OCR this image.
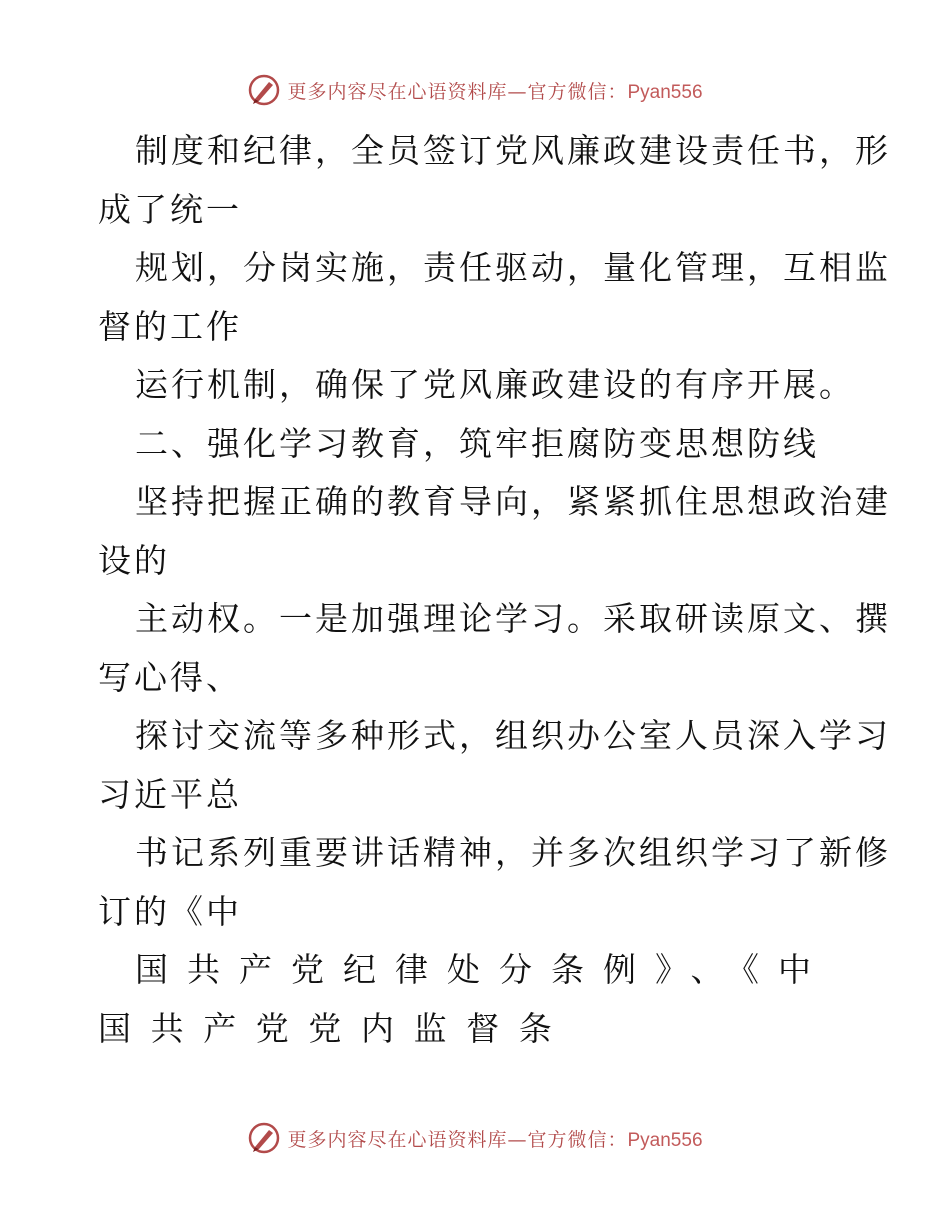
更多内容尽在心语资料库—官方微信：Pyan556
制度和纪律，全员签订党风廉政建设责任书，形
成了统一
规划，分岗实施，责任驱动，量化管理，互相监
督的工作
运行机制，确保了党风廉政建设的有序开展。
二、强化学习教育，筑牢拒腐防变思想防线
坚持把握正确的教育导向，紧紧抓住思想政治建
设的
主动权。一是加强理论学习。采取研读原文、撰
写心得、
探讨交流等多种形式，组织办公室人员深入学习
习近平总
书记系列重要讲话精神，并多次组织学习了新修
订的《中
国共产党纪律处分条例》、《中
国共产党党内监督条
更多内容尽在心语资料库—官方微信：Pyan556
